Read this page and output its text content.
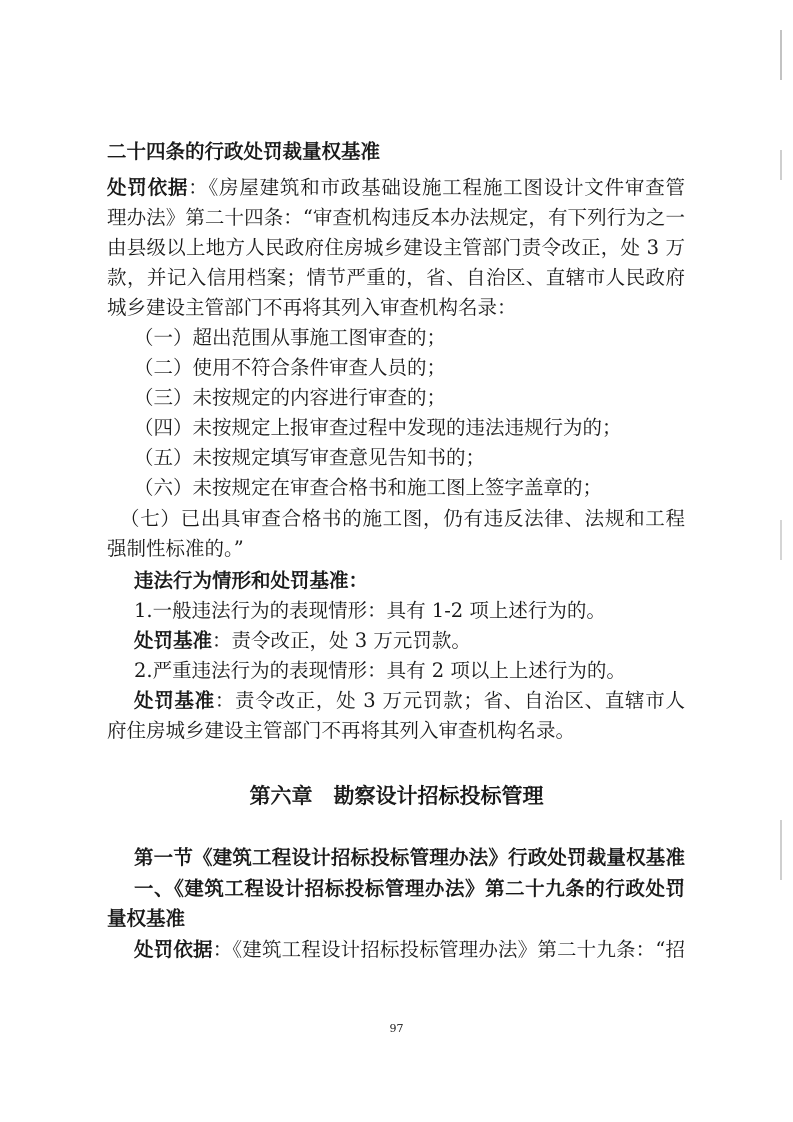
二十四条的行政处罚裁量权基准
处罚依据：《房屋建筑和市政基础设施工程施工图设计文件审查管
理办法》第二十四条：“审查机构违反本办法规定，有下列行为之一
由县级以上地方人民政府住房城乡建设主管部门责令改正，处 3 万
款，并记入信用档案；情节严重的，省、自治区、直辖市人民政府
城乡建设主管部门不再将其列入审查机构名录：
（一）超出范围从事施工图审查的；
（二）使用不符合条件审查人员的；
（三）未按规定的内容进行审查的；
（四）未按规定上报审查过程中发现的违法违规行为的；
（五）未按规定填写审查意见告知书的；
（六）未按规定在审查合格书和施工图上签字盖章的；
（七）已出具审查合格书的施工图，仍有违反法律、法规和工程
强制性标准的。”
违法行为情形和处罚基准：
1.一般违法行为的表现情形：具有 1-2 项上述行为的。
处罚基准：责令改正，处 3 万元罚款。
2.严重违法行为的表现情形：具有 2 项以上上述行为的。
处罚基准：责令改正，处 3 万元罚款；省、自治区、直辖市人
府住房城乡建设主管部门不再将其列入审查机构名录。
第六章　勘察设计招标投标管理
第一节《建筑工程设计招标投标管理办法》行政处罚裁量权基准
一、《建筑工程设计招标投标管理办法》第二十九条的行政处罚
量权基准
处罚依据：《建筑工程设计招标投标管理办法》第二十九条：“招
97
